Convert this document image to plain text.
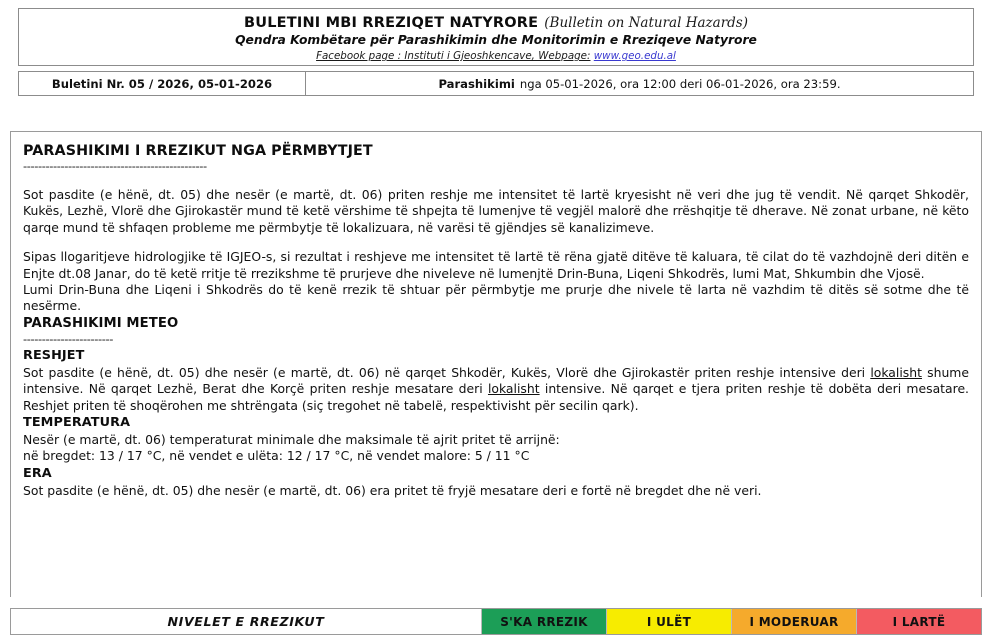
BULETINI MBI RREZIQET NATYRORE (Bulletin on Natural Hazards)
Qendra Kombëtare për Parashikimin dhe Monitorimin e Rreziqeve Natyrore
Facebook page : Instituti i Gjeoshkencave, Webpage: www.geo.edu.al
Buletini Nr. 05 / 2026, 05-01-2026	Parashikimi nga 05-01-2026, ora 12:00 deri 06-01-2026, ora 23:59.
PARASHIKIMI I RREZIKUT NGA PËRMBYTJET
-------------------------------------------------

Sot pasdite (e hënë, dt. 05) dhe nesër (e martë, dt. 06) priten reshje me intensitet të lartë kryesisht në veri dhe jug të vendit. Në qarqet Shkodër, Kukës, Lezhë, Vlorë dhe Gjirokastër mund të ketë vërshime të shpejta të lumenjve të vegjël malorë dhe rrëshqitje të dherave. Në zonat urbane, në këto qarqe mund të shfaqen probleme me përmbytje të lokalizuara, në varësi të gjëndjes së kanalizimeve.

Sipas llogaritjeve hidrologjike të IGJEO-s, si rezultat i reshjeve me intensitet të lartë të rëna gjatë ditëve të kaluara, të cilat do të vazhdojnë deri ditën e Enjte dt.08 Janar, do të ketë rritje të rrezikshme të prurjeve dhe niveleve në lumenjtë Drin-Buna, Liqeni Shkodrës, lumi Mat, Shkumbin dhe Vjosë.

Lumi Drin-Buna dhe Liqeni i Shkodrës do të kenë rrezik të shtuar për përmbytje me prurje dhe nivele të larta në vazhdim të ditës së sotme dhe të nesërme.

PARASHIKIMI METEO
------------------------
RESHJET

Sot pasdite (e hënë, dt. 05) dhe nesër (e martë, dt. 06) në qarqet Shkodër, Kukës, Vlorë dhe Gjirokastër priten reshje intensive deri lokalisht shume intensive. Në qarqet Lezhë, Berat dhe Korçë priten reshje mesatare deri lokalisht intensive. Në qarqet e tjera priten reshje të dobëta deri mesatare. Reshjet priten të shoqërohen me shtrëngata (siç tregohet në tabelë, respektivisht për secilin qark).

TEMPERATURA

Nesër (e martë, dt. 06) temperaturat minimale dhe maksimale të ajrit pritet të arrijnë:

në bregdet: 13 / 17 °C, në vendet e ulëta: 12 / 17 °C, në vendet malore: 5 / 11 °C

ERA

Sot pasdite (e hënë, dt. 05) dhe nesër (e martë, dt. 06) era pritet të fryjë mesatare deri e fortë në bregdet dhe në veri.

NIVELET E RREZIKUT	S'KA RREZIK	I ULËT	I MODERUAR	I LARTË
